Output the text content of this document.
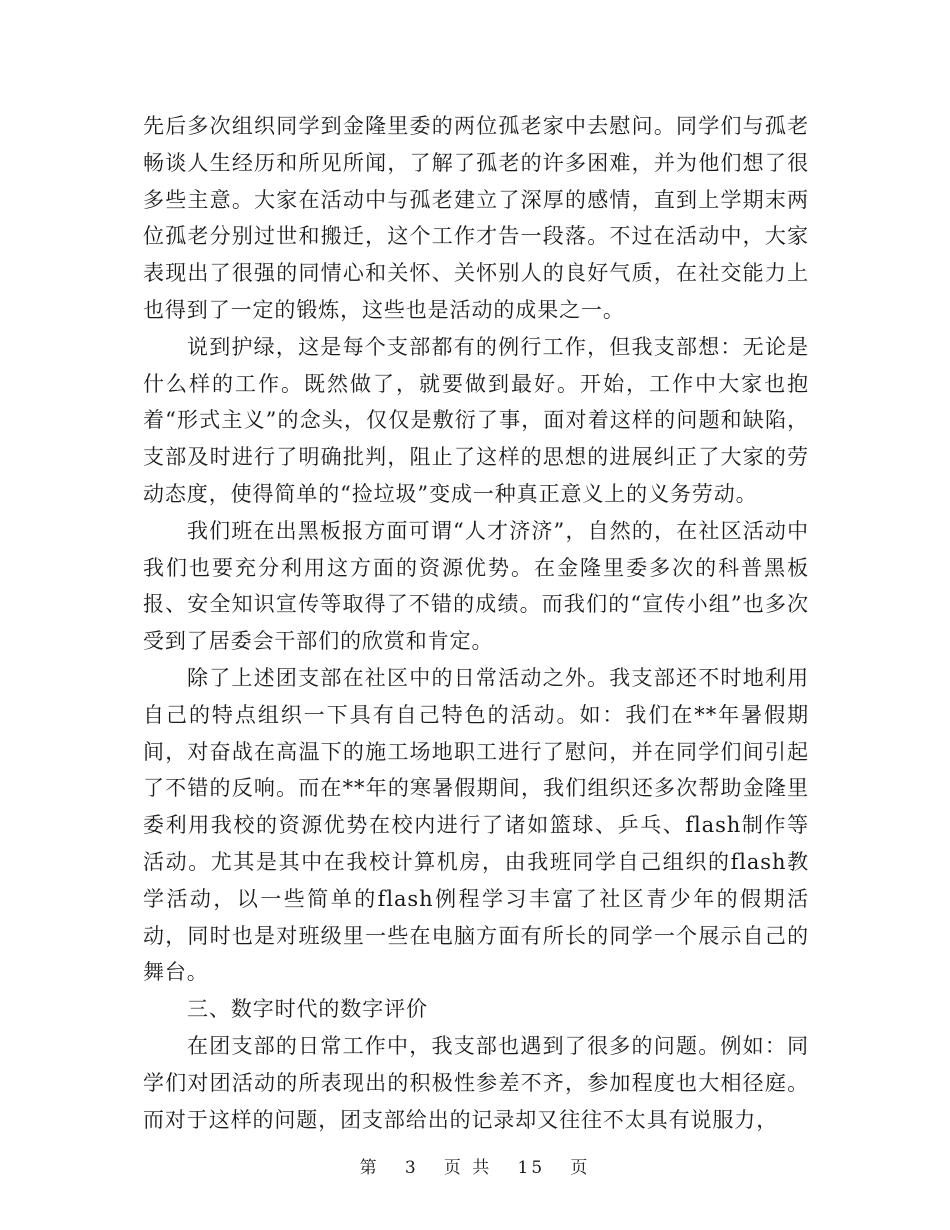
先后多次组织同学到金隆里委的两位孤老家中去慰问。同学们与孤老畅谈人生经历和所见所闻，了解了孤老的许多困难，并为他们想了很多些主意。大家在活动中与孤老建立了深厚的感情，直到上学期末两位孤老分别过世和搬迁，这个工作才告一段落。不过在活动中，大家表现出了很强的同情心和关怀、关怀别人的良好气质，在社交能力上也得到了一定的锻炼，这些也是活动的成果之一。

说到护绿，这是每个支部都有的例行工作，但我支部想：无论是什么样的工作。既然做了，就要做到最好。开始，工作中大家也抱着“形式主义”的念头，仅仅是敷衍了事，面对着这样的问题和缺陷，支部及时进行了明确批判，阻止了这样的思想的进展纠正了大家的劳动态度，使得简单的“捡垃圾”变成一种真正意义上的义务劳动。

我们班在出黑板报方面可谓“人才济济”，自然的，在社区活动中我们也要充分利用这方面的资源优势。在金隆里委多次的科普黑板报、安全知识宣传等取得了不错的成绩。而我们的“宣传小组”也多次受到了居委会干部们的欣赏和肯定。

除了上述团支部在社区中的日常活动之外。我支部还不时地利用自己的特点组织一下具有自己特色的活动。如：我们在**年暑假期间，对奋战在高温下的施工场地职工进行了慰问，并在同学们间引起了不错的反响。而在**年的寒暑假期间，我们组织还多次帮助金隆里委利用我校的资源优势在校内进行了诸如篮球、乒乓、flash制作等活动。尤其是其中在我校计算机房，由我班同学自己组织的flash教学活动，以一些简单的flash例程学习丰富了社区青少年的假期活动，同时也是对班级里一些在电脑方面有所长的同学一个展示自己的舞台。

三、数字时代的数字评价

在团支部的日常工作中，我支部也遇到了很多的问题。例如：同学们对团活动的所表现出的积极性参差不齐，参加程度也大相径庭。而对于这样的问题，团支部给出的记录却又往往不太具有说服力，

第 3 页 共 15 页
